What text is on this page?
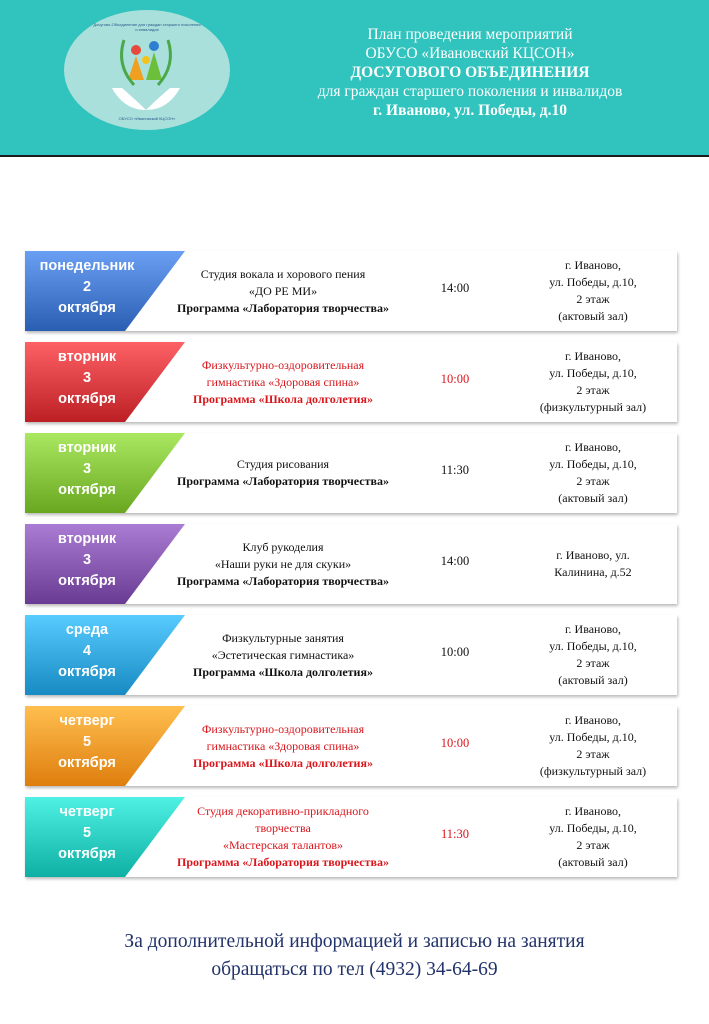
Досугово-Объединение для граждан старшего поколения и инвалидов
ОБУСО «Ивановский КЦСОН»
План проведения мероприятий
ОБУСО «Ивановский КЦСОН»
ДОСУГОВОГО ОБЪЕДИНЕНИЯ
для граждан старшего поколения и инвалидов
г. Иваново, ул. Победы, д.10
понедельник
2
октября
Студия вокала и хорового пения
«ДО РЕ МИ»
Программа «Лаборатория творчества»
14:00
г. Иваново,
ул. Победы, д.10,
2 этаж
(актовый зал)
вторник
3
октября
Физкультурно-оздоровительная
гимнастика «Здоровая спина»
Программа «Школа долголетия»
10:00
г. Иваново,
ул. Победы, д.10,
2 этаж
(физкультурный зал)
вторник
3
октября
Студия рисования
Программа «Лаборатория творчества»
11:30
г. Иваново,
ул. Победы, д.10,
2 этаж
(актовый зал)
вторник
3
октября
Клуб рукоделия
«Наши руки не для скуки»
Программа «Лаборатория творчества»
14:00	г. Иваново, ул.
Калинина, д.52
среда
4
октября
Физкультурные занятия
«Эстетическая гимнастика»
Программа «Школа долголетия»
10:00
г. Иваново,
ул. Победы, д.10,
2 этаж
(актовый зал)
четверг
5
октября
Физкультурно-оздоровительная
гимнастика «Здоровая спина»
Программа «Школа долголетия»
10:00
г. Иваново,
ул. Победы, д.10,
2 этаж
(физкультурный зал)
четверг
5
октября
Студия декоративно-прикладного
творчества
«Мастерская талантов»
Программа «Лаборатория творчества»
11:30
г. Иваново,
ул. Победы, д.10,
2 этаж
(актовый зал)
За дополнительной информацией и записью на занятия
обращаться по тел (4932) 34-64-69
